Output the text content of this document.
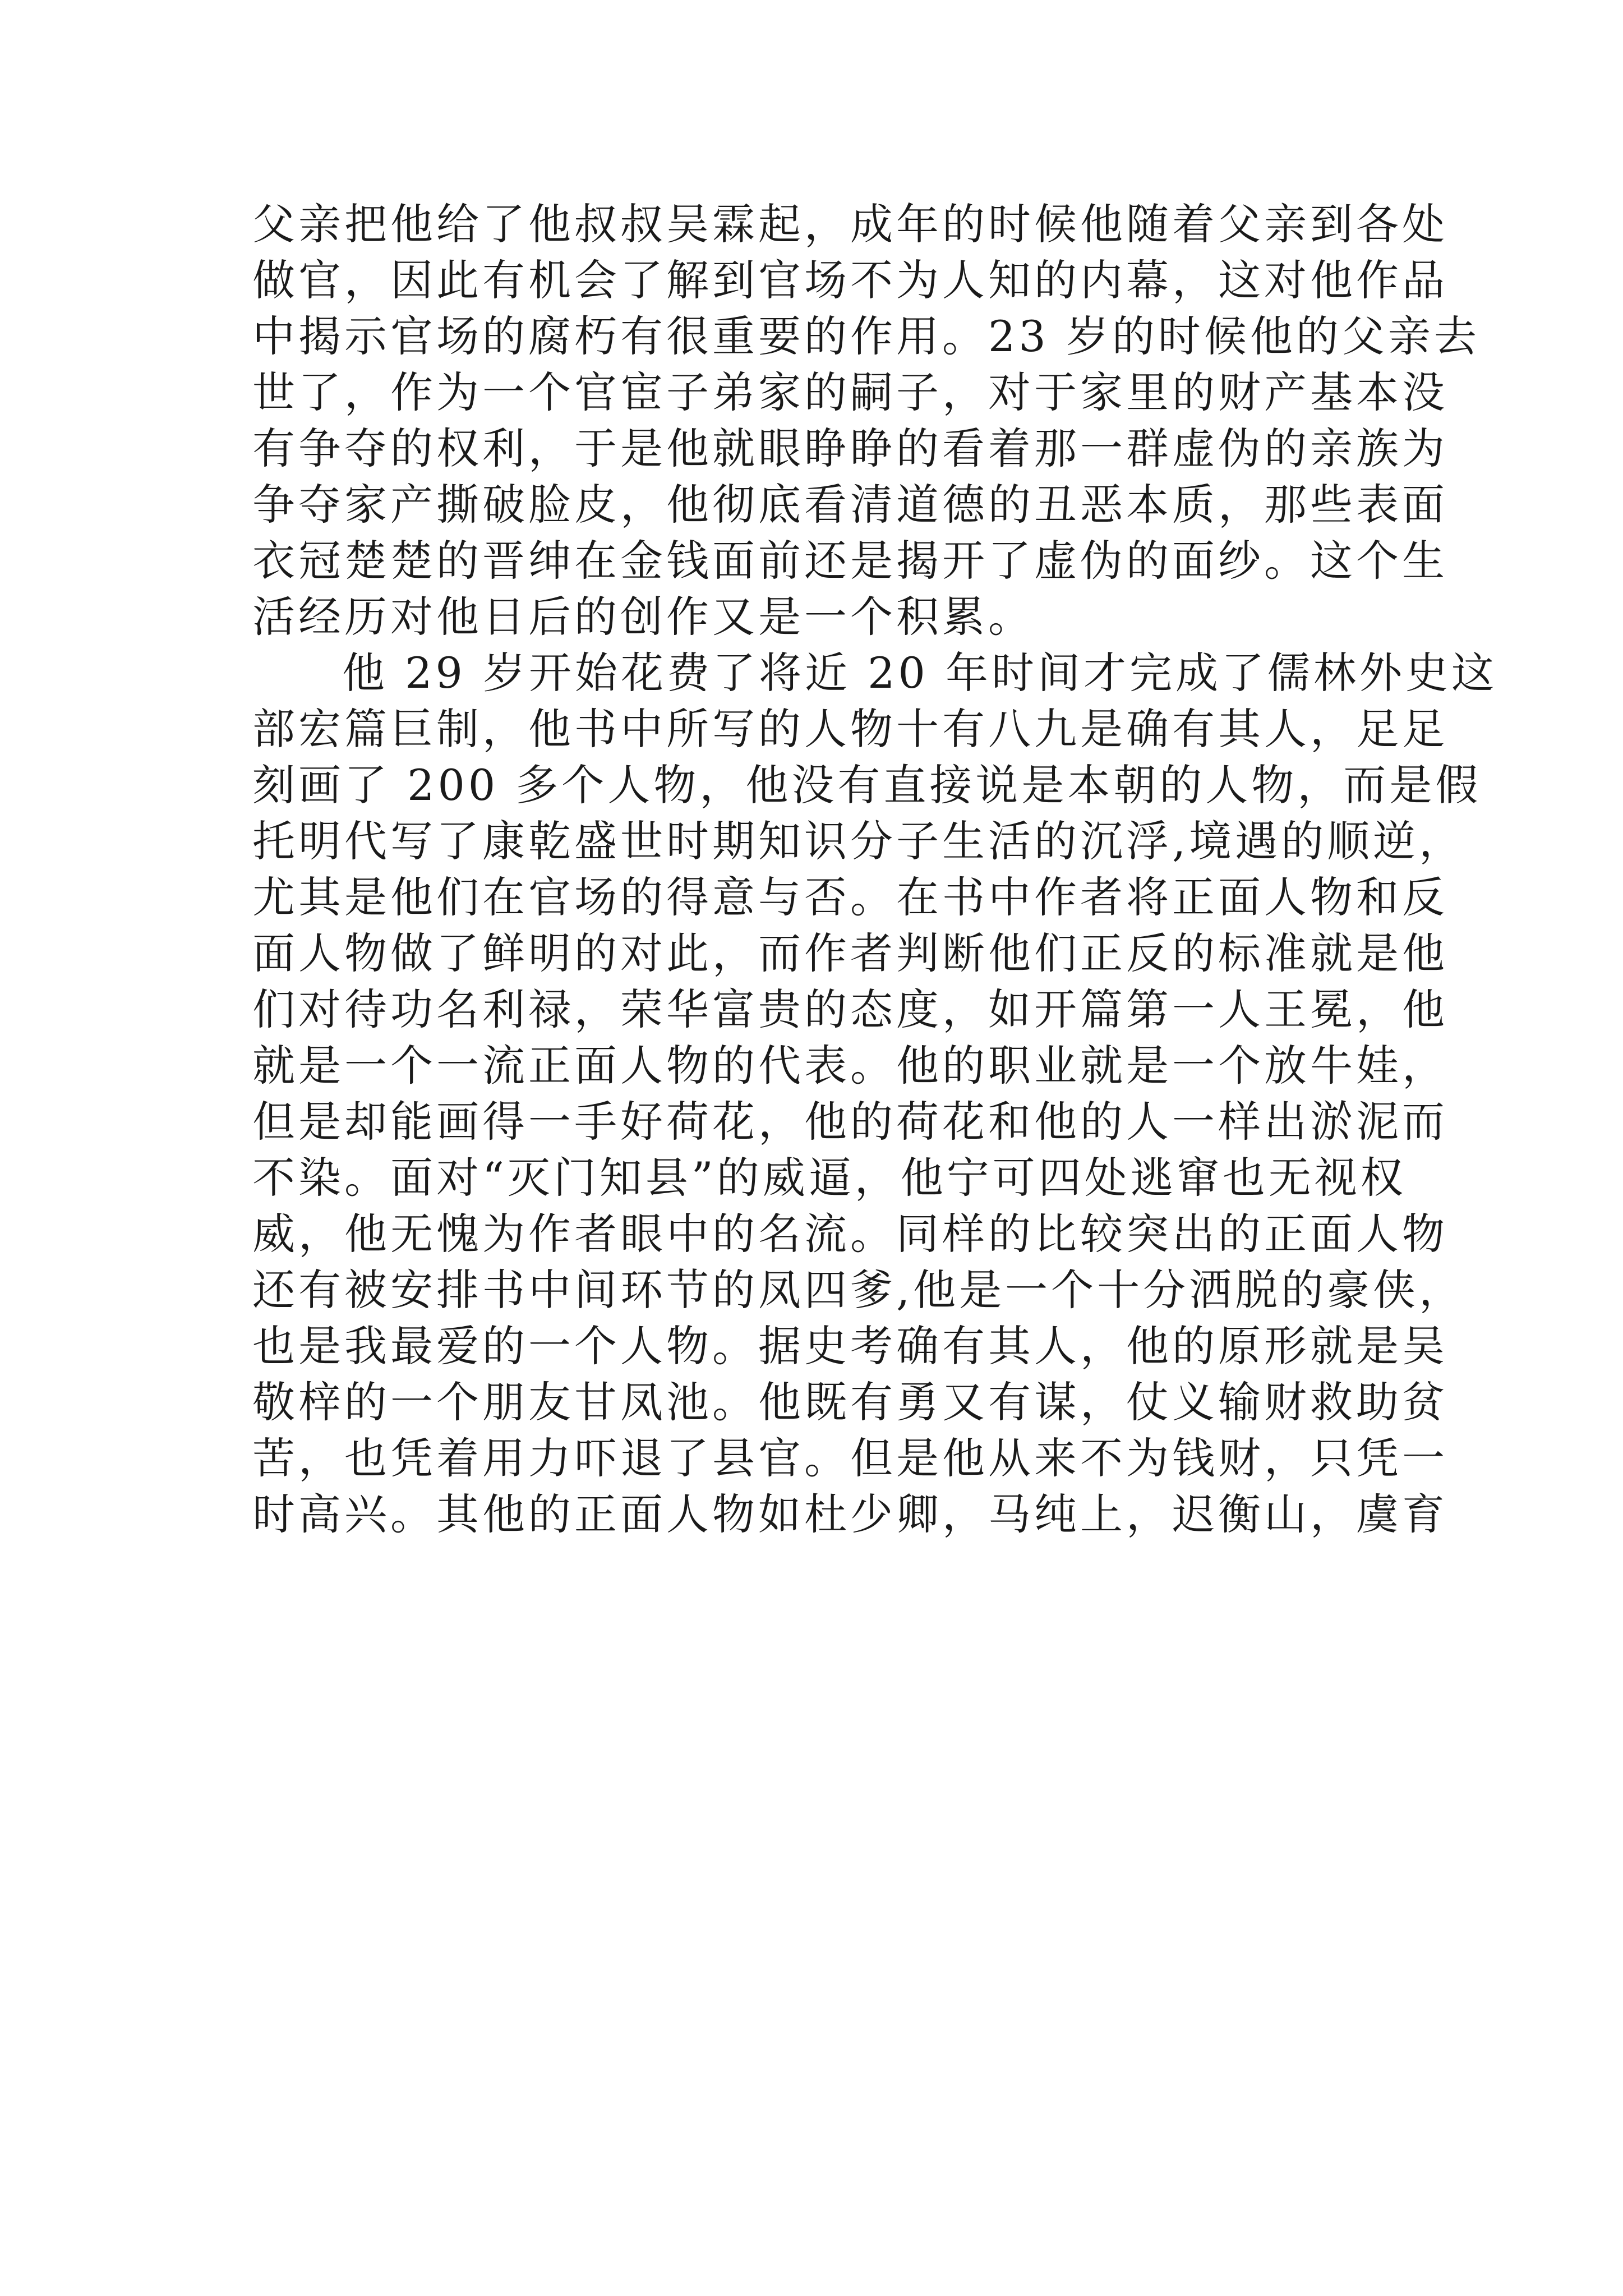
父亲把他给了他叔叔吴霖起，成年的时候他随着父亲到各处
做官，因此有机会了解到官场不为人知的内幕，这对他作品
中揭示官场的腐朽有很重要的作用。23 岁的时候他的父亲去
世了，作为一个官宦子弟家的嗣子，对于家里的财产基本没
有争夺的权利，于是他就眼睁睁的看着那一群虚伪的亲族为
争夺家产撕破脸皮，他彻底看清道德的丑恶本质，那些表面
衣冠楚楚的晋绅在金钱面前还是揭开了虚伪的面纱。这个生
活经历对他日后的创作又是一个积累。
他 29 岁开始花费了将近 20 年时间才完成了儒林外史这
部宏篇巨制，他书中所写的人物十有八九是确有其人，足足
刻画了 200 多个人物，他没有直接说是本朝的人物，而是假
托明代写了康乾盛世时期知识分子生活的沉浮,境遇的顺逆，
尤其是他们在官场的得意与否。在书中作者将正面人物和反
面人物做了鲜明的对此，而作者判断他们正反的标准就是他
们对待功名利禄，荣华富贵的态度，如开篇第一人王冕，他
就是一个一流正面人物的代表。他的职业就是一个放牛娃，
但是却能画得一手好荷花，他的荷花和他的人一样出淤泥而
不染。面对“灭门知县”的威逼，他宁可四处逃窜也无视权
威，他无愧为作者眼中的名流。同样的比较突出的正面人物
还有被安排书中间环节的凤四爹,他是一个十分洒脱的豪侠，
也是我最爱的一个人物。据史考确有其人，他的原形就是吴
敬梓的一个朋友甘凤池。他既有勇又有谋，仗义输财救助贫
苦，也凭着用力吓退了县官。但是他从来不为钱财，只凭一
时高兴。其他的正面人物如杜少卿，马纯上，迟衡山，虞育
